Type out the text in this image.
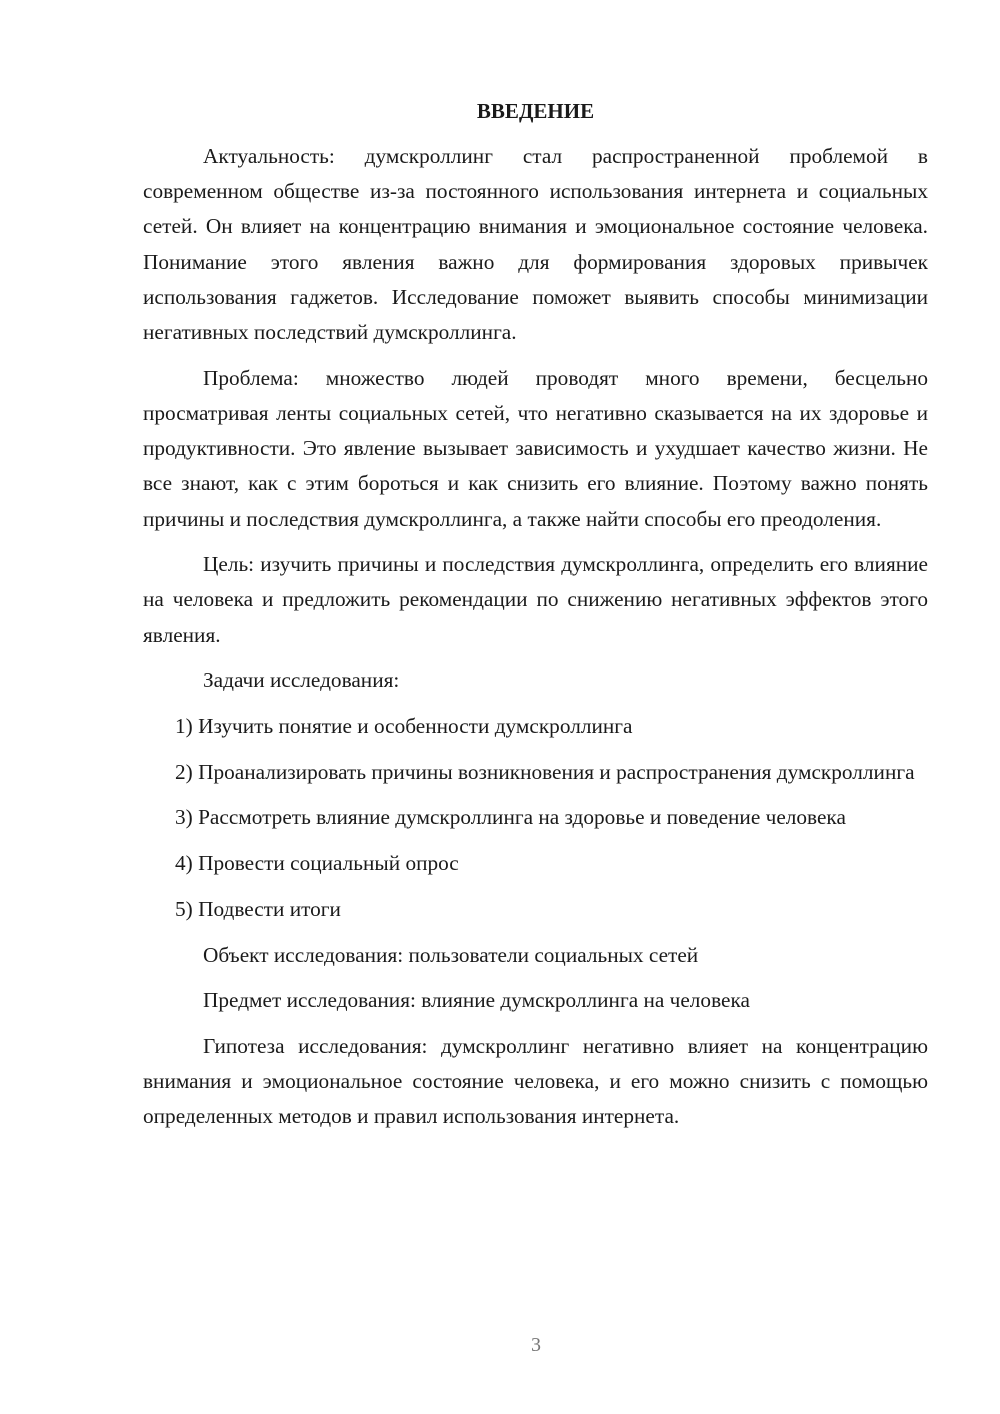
ВВЕДЕНИЕ

Актуальность: думскроллинг стал распространенной проблемой в современном обществе из-за постоянного использования интернета и социальных сетей. Он влияет на концентрацию внимания и эмоциональное состояние человека. Понимание этого явления важно для формирования здоровых привычек использования гаджетов. Исследование поможет выявить способы минимизации негативных последствий думскроллинга.

Проблема: множество людей проводят много времени, бесцельно просматривая ленты социальных сетей, что негативно сказывается на их здоровье и продуктивности. Это явление вызывает зависимость и ухудшает качество жизни. Не все знают, как с этим бороться и как снизить его влияние. Поэтому важно понять причины и последствия думскроллинга, а также найти способы его преодоления.

Цель: изучить причины и последствия думскроллинга, определить его влияние на человека и предложить рекомендации по снижению негативных эффектов этого явления.

Задачи исследования:

1) Изучить понятие и особенности думскроллинга

2) Проанализировать причины возникновения и распространения думскроллинга

3) Рассмотреть влияние думскроллинга на здоровье и поведение человека

4) Провести социальный опрос

5) Подвести итоги

Объект исследования: пользователи социальных сетей

Предмет исследования: влияние думскроллинга на человека

Гипотеза исследования: думскроллинг негативно влияет на концентрацию внимания и эмоциональное состояние человека, и его можно снизить с помощью определенных методов и правил использования интернета.

3
